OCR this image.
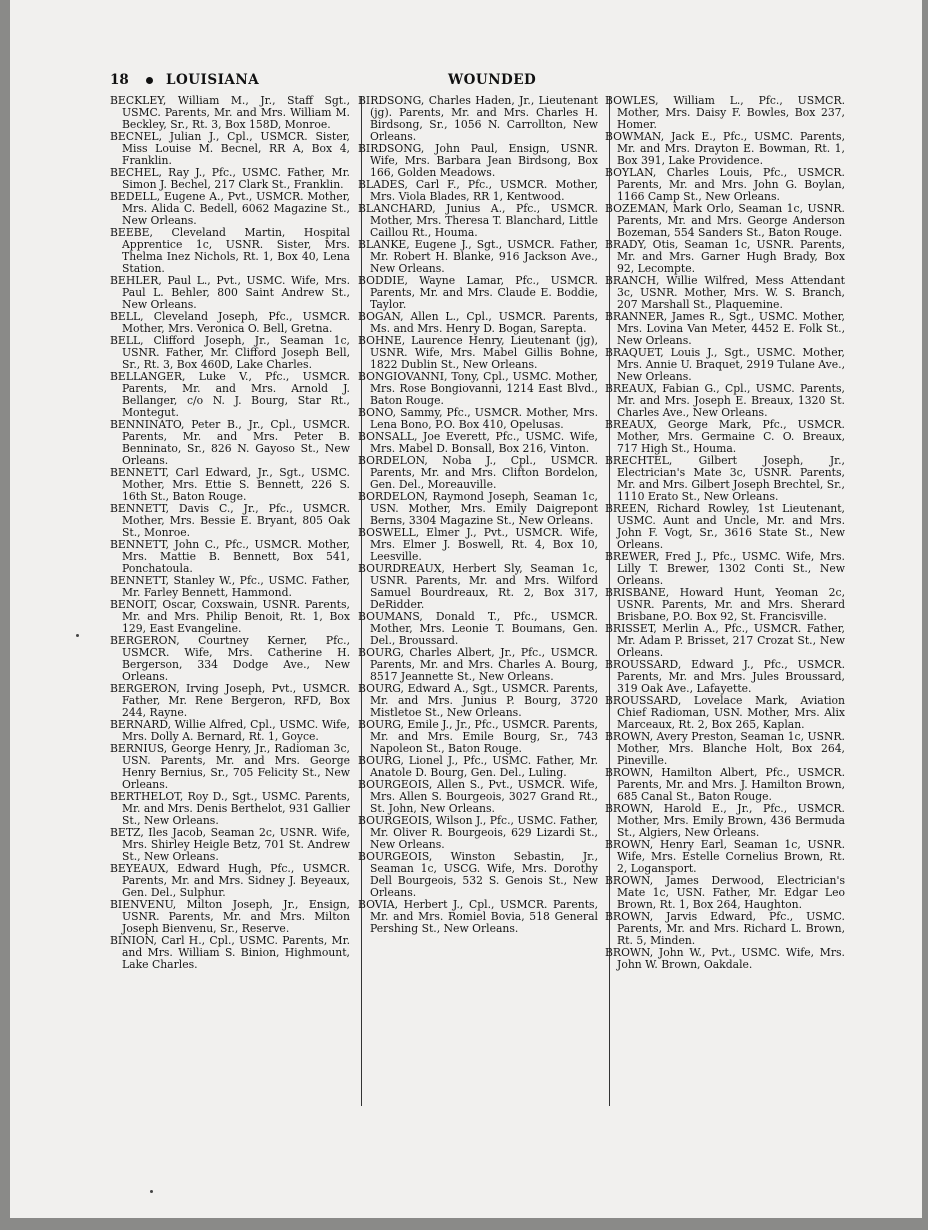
18	LOUISIANA	WOUNDED

BECKLEY, William M., Jr., Staff Sgt., USMC. Parents, Mr. and Mrs. William M. Beckley, Sr., Rt. 3, Box 158D, Monroe.

BECNEL, Julian J., Cpl., USMCR. Sister, Miss Louise M. Becnel, RR A, Box 4, Franklin.

BECHEL, Ray J., Pfc., USMC. Father, Mr. Simon J. Bechel, 217 Clark St., Franklin.

BEDELL, Eugene A., Pvt., USMCR. Mother, Mrs. Alida C. Bedell, 6062 Magazine St., New Orleans.

BEEBE, Cleveland Martin, Hospital Apprentice 1c, USNR. Sister, Mrs. Thelma Inez Nichols, Rt. 1, Box 40, Lena Station.

BEHLER, Paul L., Pvt., USMC. Wife, Mrs. Paul L. Behler, 800 Saint Andrew St., New Orleans.

BELL, Cleveland Joseph, Pfc., USMCR. Mother, Mrs. Veronica O. Bell, Gretna.

BELL, Clifford Joseph, Jr., Seaman 1c, USNR. Father, Mr. Clifford Joseph Bell, Sr., Rt. 3, Box 460D, Lake Charles.

BELLANGER, Luke V., Pfc., USMCR. Parents, Mr. and Mrs. Arnold J. Bellanger, c/o N. J. Bourg, Star Rt., Montegut.

BENNINATO, Peter B., Jr., Cpl., USMCR. Parents, Mr. and Mrs. Peter B. Benninato, Sr., 826 N. Gayoso St., New Orleans.

BENNETT, Carl Edward, Jr., Sgt., USMC. Mother, Mrs. Ettie S. Bennett, 226 S. 16th St., Baton Rouge.

BENNETT, Davis C., Jr., Pfc., USMCR. Mother, Mrs. Bessie E. Bryant, 805 Oak St., Monroe.

BENNETT, John C., Pfc., USMCR. Mother, Mrs. Mattie B. Bennett, Box 541, Ponchatoula.

BENNETT, Stanley W., Pfc., USMC. Father, Mr. Farley Bennett, Hammond.

BENOIT, Oscar, Coxswain, USNR. Parents, Mr. and Mrs. Philip Benoit, Rt. 1, Box 129, East Evangeline.

BERGERON, Courtney Kerner, Pfc., USMCR. Wife, Mrs. Catherine H. Bergerson, 334 Dodge Ave., New Orleans.

BERGERON, Irving Joseph, Pvt., USMCR. Father, Mr. Rene Bergeron, RFD, Box 244, Rayne.

BERNARD, Willie Alfred, Cpl., USMC. Wife, Mrs. Dolly A. Bernard, Rt. 1, Goyce.

BERNIUS, George Henry, Jr., Radioman 3c, USN. Parents, Mr. and Mrs. George Henry Bernius, Sr., 705 Felicity St., New Orleans.

BERTHELOT, Roy D., Sgt., USMC. Parents, Mr. and Mrs. Denis Berthelot, 931 Gallier St., New Orleans.

BETZ, Iles Jacob, Seaman 2c, USNR. Wife, Mrs. Shirley Heigle Betz, 701 St. Andrew St., New Orleans.

BEYEAUX, Edward Hugh, Pfc., USMCR. Parents, Mr. and Mrs. Sidney J. Beyeaux, Gen. Del., Sulphur.

BIENVENU, Milton Joseph, Jr., Ensign, USNR. Parents, Mr. and Mrs. Milton Joseph Bienvenu, Sr., Reserve.

BINION, Carl H., Cpl., USMC. Parents, Mr. and Mrs. William S. Binion, Highmount, Lake Charles.

BIRDSONG, Charles Haden, Jr., Lieutenant (jg). Parents, Mr. and Mrs. Charles H. Birdsong, Sr., 1056 N. Carrollton, New Orleans.

BIRDSONG, John Paul, Ensign, USNR. Wife, Mrs. Barbara Jean Birdsong, Box 166, Golden Meadows.

BLADES, Carl F., Pfc., USMCR. Mother, Mrs. Viola Blades, RR 1, Kentwood.

BLANCHARD, Junius A., Pfc., USMCR. Mother, Mrs. Theresa T. Blanchard, Little Caillou Rt., Houma.

BLANKE, Eugene J., Sgt., USMCR. Father, Mr. Robert H. Blanke, 916 Jackson Ave., New Orleans.

BODDIE, Wayne Lamar, Pfc., USMCR. Parents, Mr. and Mrs. Claude E. Boddie, Taylor.

BOGAN, Allen L., Cpl., USMCR. Parents, Ms. and Mrs. Henry D. Bogan, Sarepta.

BOHNE, Laurence Henry, Lieutenant (jg), USNR. Wife, Mrs. Mabel Gillis Bohne, 1822 Dublin St., New Orleans.

BONGIOVANNI, Tony, Cpl., USMC. Mother, Mrs. Rose Bongiovanni, 1214 East Blvd., Baton Rouge.

BONO, Sammy, Pfc., USMCR. Mother, Mrs. Lena Bono, P.O. Box 410, Opelusas.

BONSALL, Joe Everett, Pfc., USMC. Wife, Mrs. Mabel D. Bonsall, Box 216, Vinton.

BORDELON, Noba J., Cpl., USMCR. Parents, Mr. and Mrs. Clifton Bordelon, Gen. Del., Moreauville.

BORDELON, Raymond Joseph, Seaman 1c, USN. Mother, Mrs. Emily Daigrepont Berns, 3304 Magazine St., New Orleans.

BOSWELL, Elmer J., Pvt., USMCR. Wife, Mrs. Elmer J. Boswell, Rt. 4, Box 10, Leesville.

BOURDREAUX, Herbert Sly, Seaman 1c, USNR. Parents, Mr. and Mrs. Wilford Samuel Bourdreaux, Rt. 2, Box 317, DeRidder.

BOUMANS, Donald T., Pfc., USMCR. Mother, Mrs. Leonie T. Boumans, Gen. Del., Broussard.

BOURG, Charles Albert, Jr., Pfc., USMCR. Parents, Mr. and Mrs. Charles A. Bourg, 8517 Jeannette St., New Orleans.

BOURG, Edward A., Sgt., USMCR. Parents, Mr. and Mrs. Junius P. Bourg, 3720 Mistletoe St., New Orleans.

BOURG, Emile J., Jr., Pfc., USMCR. Parents, Mr. and Mrs. Emile Bourg, Sr., 743 Napoleon St., Baton Rouge.

BOURG, Lionel J., Pfc., USMC. Father, Mr. Anatole D. Bourg, Gen. Del., Luling.

BOURGEOIS, Allen S., Pvt., USMCR. Wife, Mrs. Allen S. Bourgeois, 3027 Grand Rt., St. John, New Orleans.

BOURGEOIS, Wilson J., Pfc., USMC. Father, Mr. Oliver R. Bourgeois, 629 Lizardi St., New Orleans.

BOURGEOIS, Winston Sebastin, Jr., Seaman 1c, USCG. Wife, Mrs. Dorothy Dell Bourgeois, 532 S. Genois St., New Orleans.

BOVIA, Herbert J., Cpl., USMCR. Parents, Mr. and Mrs. Romiel Bovia, 518 General Pershing St., New Orleans.

BOWLES, William L., Pfc., USMCR. Mother, Mrs. Daisy F. Bowles, Box 237, Homer.

BOWMAN, Jack E., Pfc., USMC. Parents, Mr. and Mrs. Drayton E. Bowman, Rt. 1, Box 391, Lake Providence.

BOYLAN, Charles Louis, Pfc., USMCR. Parents, Mr. and Mrs. John G. Boylan, 1166 Camp St., New Orleans.

BOZEMAN, Mark Orlo, Seaman 1c, USNR. Parents, Mr. and Mrs. George Anderson Bozeman, 554 Sanders St., Baton Rouge.

BRADY, Otis, Seaman 1c, USNR. Parents, Mr. and Mrs. Garner Hugh Brady, Box 92, Lecompte.

BRANCH, Willie Wilfred, Mess Attendant 3c, USNR. Mother, Mrs. W. S. Branch, 207 Marshall St., Plaquemine.

BRANNER, James R., Sgt., USMC. Mother, Mrs. Lovina Van Meter, 4452 E. Folk St., New Orleans.

BRAQUET, Louis J., Sgt., USMC. Mother, Mrs. Annie U. Braquet, 2919 Tulane Ave., New Orleans.

BREAUX, Fabian G., Cpl., USMC. Parents, Mr. and Mrs. Joseph E. Breaux, 1320 St. Charles Ave., New Orleans.

BREAUX, George Mark, Pfc., USMCR. Mother, Mrs. Germaine C. O. Breaux, 717 High St., Houma.

BRECHTEL, Gilbert Joseph, Jr., Electrician's Mate 3c, USNR. Parents, Mr. and Mrs. Gilbert Joseph Brechtel, Sr., 1110 Erato St., New Orleans.

BREEN, Richard Rowley, 1st Lieutenant, USMC. Aunt and Uncle, Mr. and Mrs. John F. Vogt, Sr., 3616 State St., New Orleans.

BREWER, Fred J., Pfc., USMC. Wife, Mrs. Lilly T. Brewer, 1302 Conti St., New Orleans.

BRISBANE, Howard Hunt, Yeoman 2c, USNR. Parents, Mr. and Mrs. Sherard Brisbane, P.O. Box 92, St. Francisville.

BRISSET, Merlin A., Pfc., USMCR. Father, Mr. Adam P. Brisset, 217 Crozat St., New Orleans.

BROUSSARD, Edward J., Pfc., USMCR. Parents, Mr. and Mrs. Jules Broussard, 319 Oak Ave., Lafayette.

BROUSSARD, Lovelace Mark, Aviation Chief Radioman, USN. Mother, Mrs. Alix Marceaux, Rt. 2, Box 265, Kaplan.

BROWN, Avery Preston, Seaman 1c, USNR. Mother, Mrs. Blanche Holt, Box 264, Pineville.

BROWN, Hamilton Albert, Pfc., USMCR. Parents, Mr. and Mrs. J. Hamilton Brown, 685 Canal St., Baton Rouge.

BROWN, Harold E., Jr., Pfc., USMCR. Mother, Mrs. Emily Brown, 436 Bermuda St., Algiers, New Orleans.

BROWN, Henry Earl, Seaman 1c, USNR. Wife, Mrs. Estelle Cornelius Brown, Rt. 2, Logansport.

BROWN, James Derwood, Electrician's Mate 1c, USN. Father, Mr. Edgar Leo Brown, Rt. 1, Box 264, Haughton.

BROWN, Jarvis Edward, Pfc., USMC. Parents, Mr. and Mrs. Richard L. Brown, Rt. 5, Minden.

BROWN, John W., Pvt., USMC. Wife, Mrs. John W. Brown, Oakdale.
